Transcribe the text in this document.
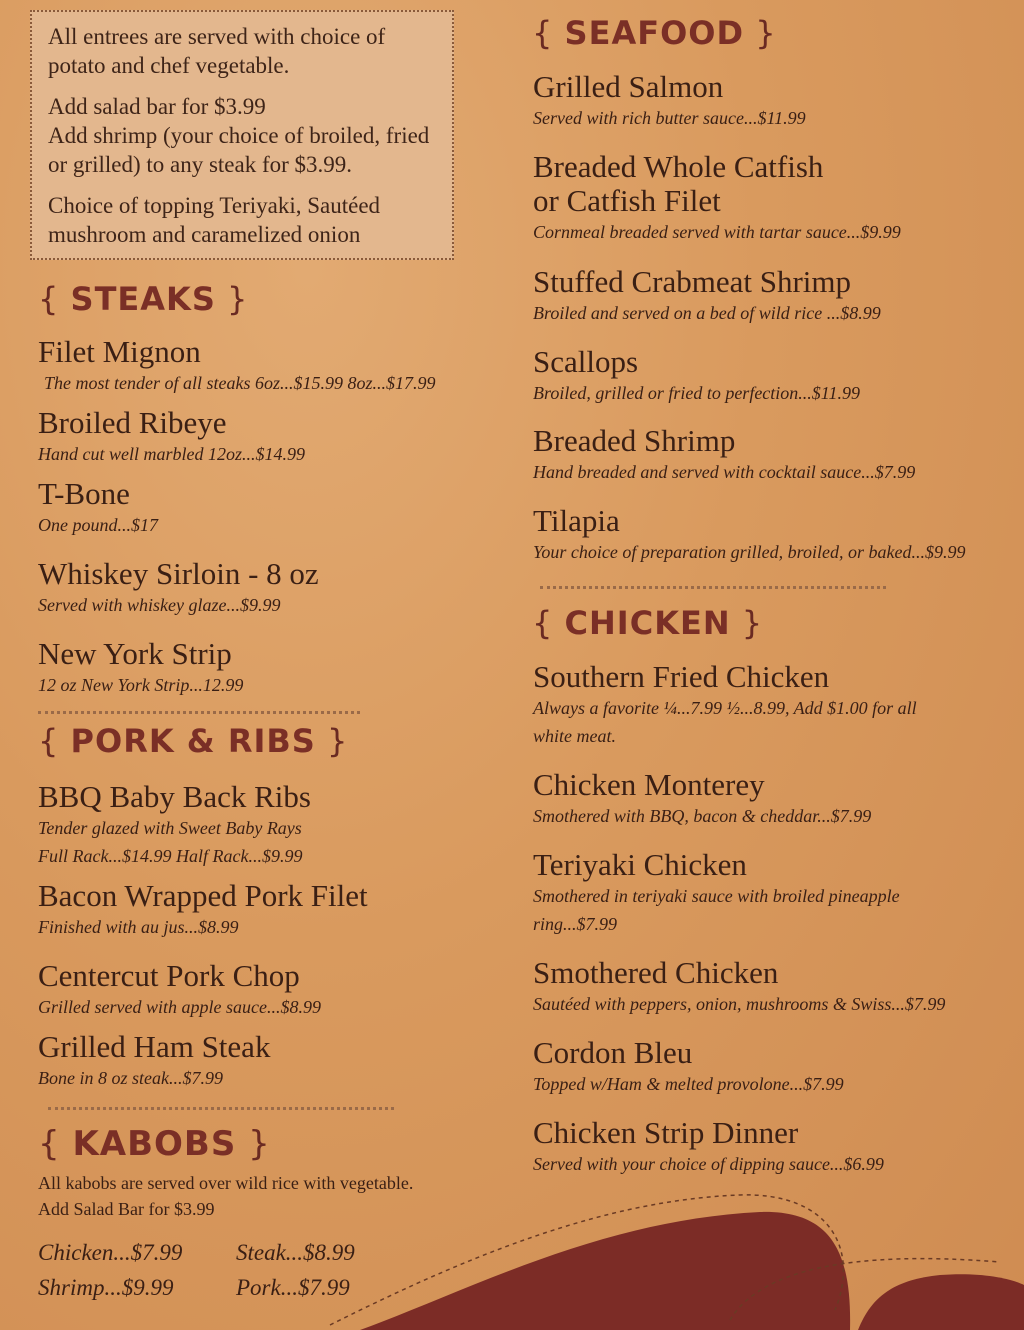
All entrees are served with choice of potato and chef vegetable.

Add salad bar for $3.99

Add shrimp (your choice of broiled, fried or grilled) to any steak for $3.99.

Choice of topping Teriyaki, Sautéed mushroom and caramelized onion

{ STEAKS }
Filet Mignon
The most tender of all steaks 6oz...$15.99 8oz...$17.99
Broiled Ribeye
Hand cut well marbled 12oz...$14.99
T-Bone
One pound...$17
Whiskey Sirloin - 8 oz
Served with whiskey glaze...$9.99
New York Strip
12 oz New York Strip...12.99
{ PORK & RIBS }
BBQ Baby Back Ribs
Tender glazed with Sweet Baby Rays
Full Rack...$14.99 Half Rack...$9.99
Bacon Wrapped Pork Filet
Finished with au jus...$8.99
Centercut Pork Chop
Grilled served with apple sauce...$8.99
Grilled Ham Steak
Bone in 8 oz steak...$7.99
{ KABOBS }
All kabobs are served over wild rice with vegetable.
Add Salad Bar for $3.99
Chicken...$7.99 Steak...$8.99
Shrimp...$9.99	Pork...$7.99
{ SEAFOOD }
Grilled Salmon
Served with rich butter sauce...$11.99
Breaded Whole Catfish
or Catfish Filet
Cornmeal breaded served with tartar sauce...$9.99
Stuffed Crabmeat Shrimp
Broiled and served on a bed of wild rice ...$8.99
Scallops
Broiled, grilled or fried to perfection...$11.99
Breaded Shrimp
Hand breaded and served with cocktail sauce...$7.99
Tilapia
Your choice of preparation grilled, broiled, or baked...$9.99
{ CHICKEN }
Southern Fried Chicken
Always a favorite ¼...7.99 ½...8.99, Add $1.00 for all
white meat.
Chicken Monterey
Smothered with BBQ, bacon & cheddar...$7.99
Teriyaki Chicken
Smothered in teriyaki sauce with broiled pineapple
ring...$7.99
Smothered Chicken
Sautéed with peppers, onion, mushrooms & Swiss...$7.99
Cordon Bleu
Topped w/Ham & melted provolone...$7.99
Chicken Strip Dinner
Served with your choice of dipping sauce...$6.99
